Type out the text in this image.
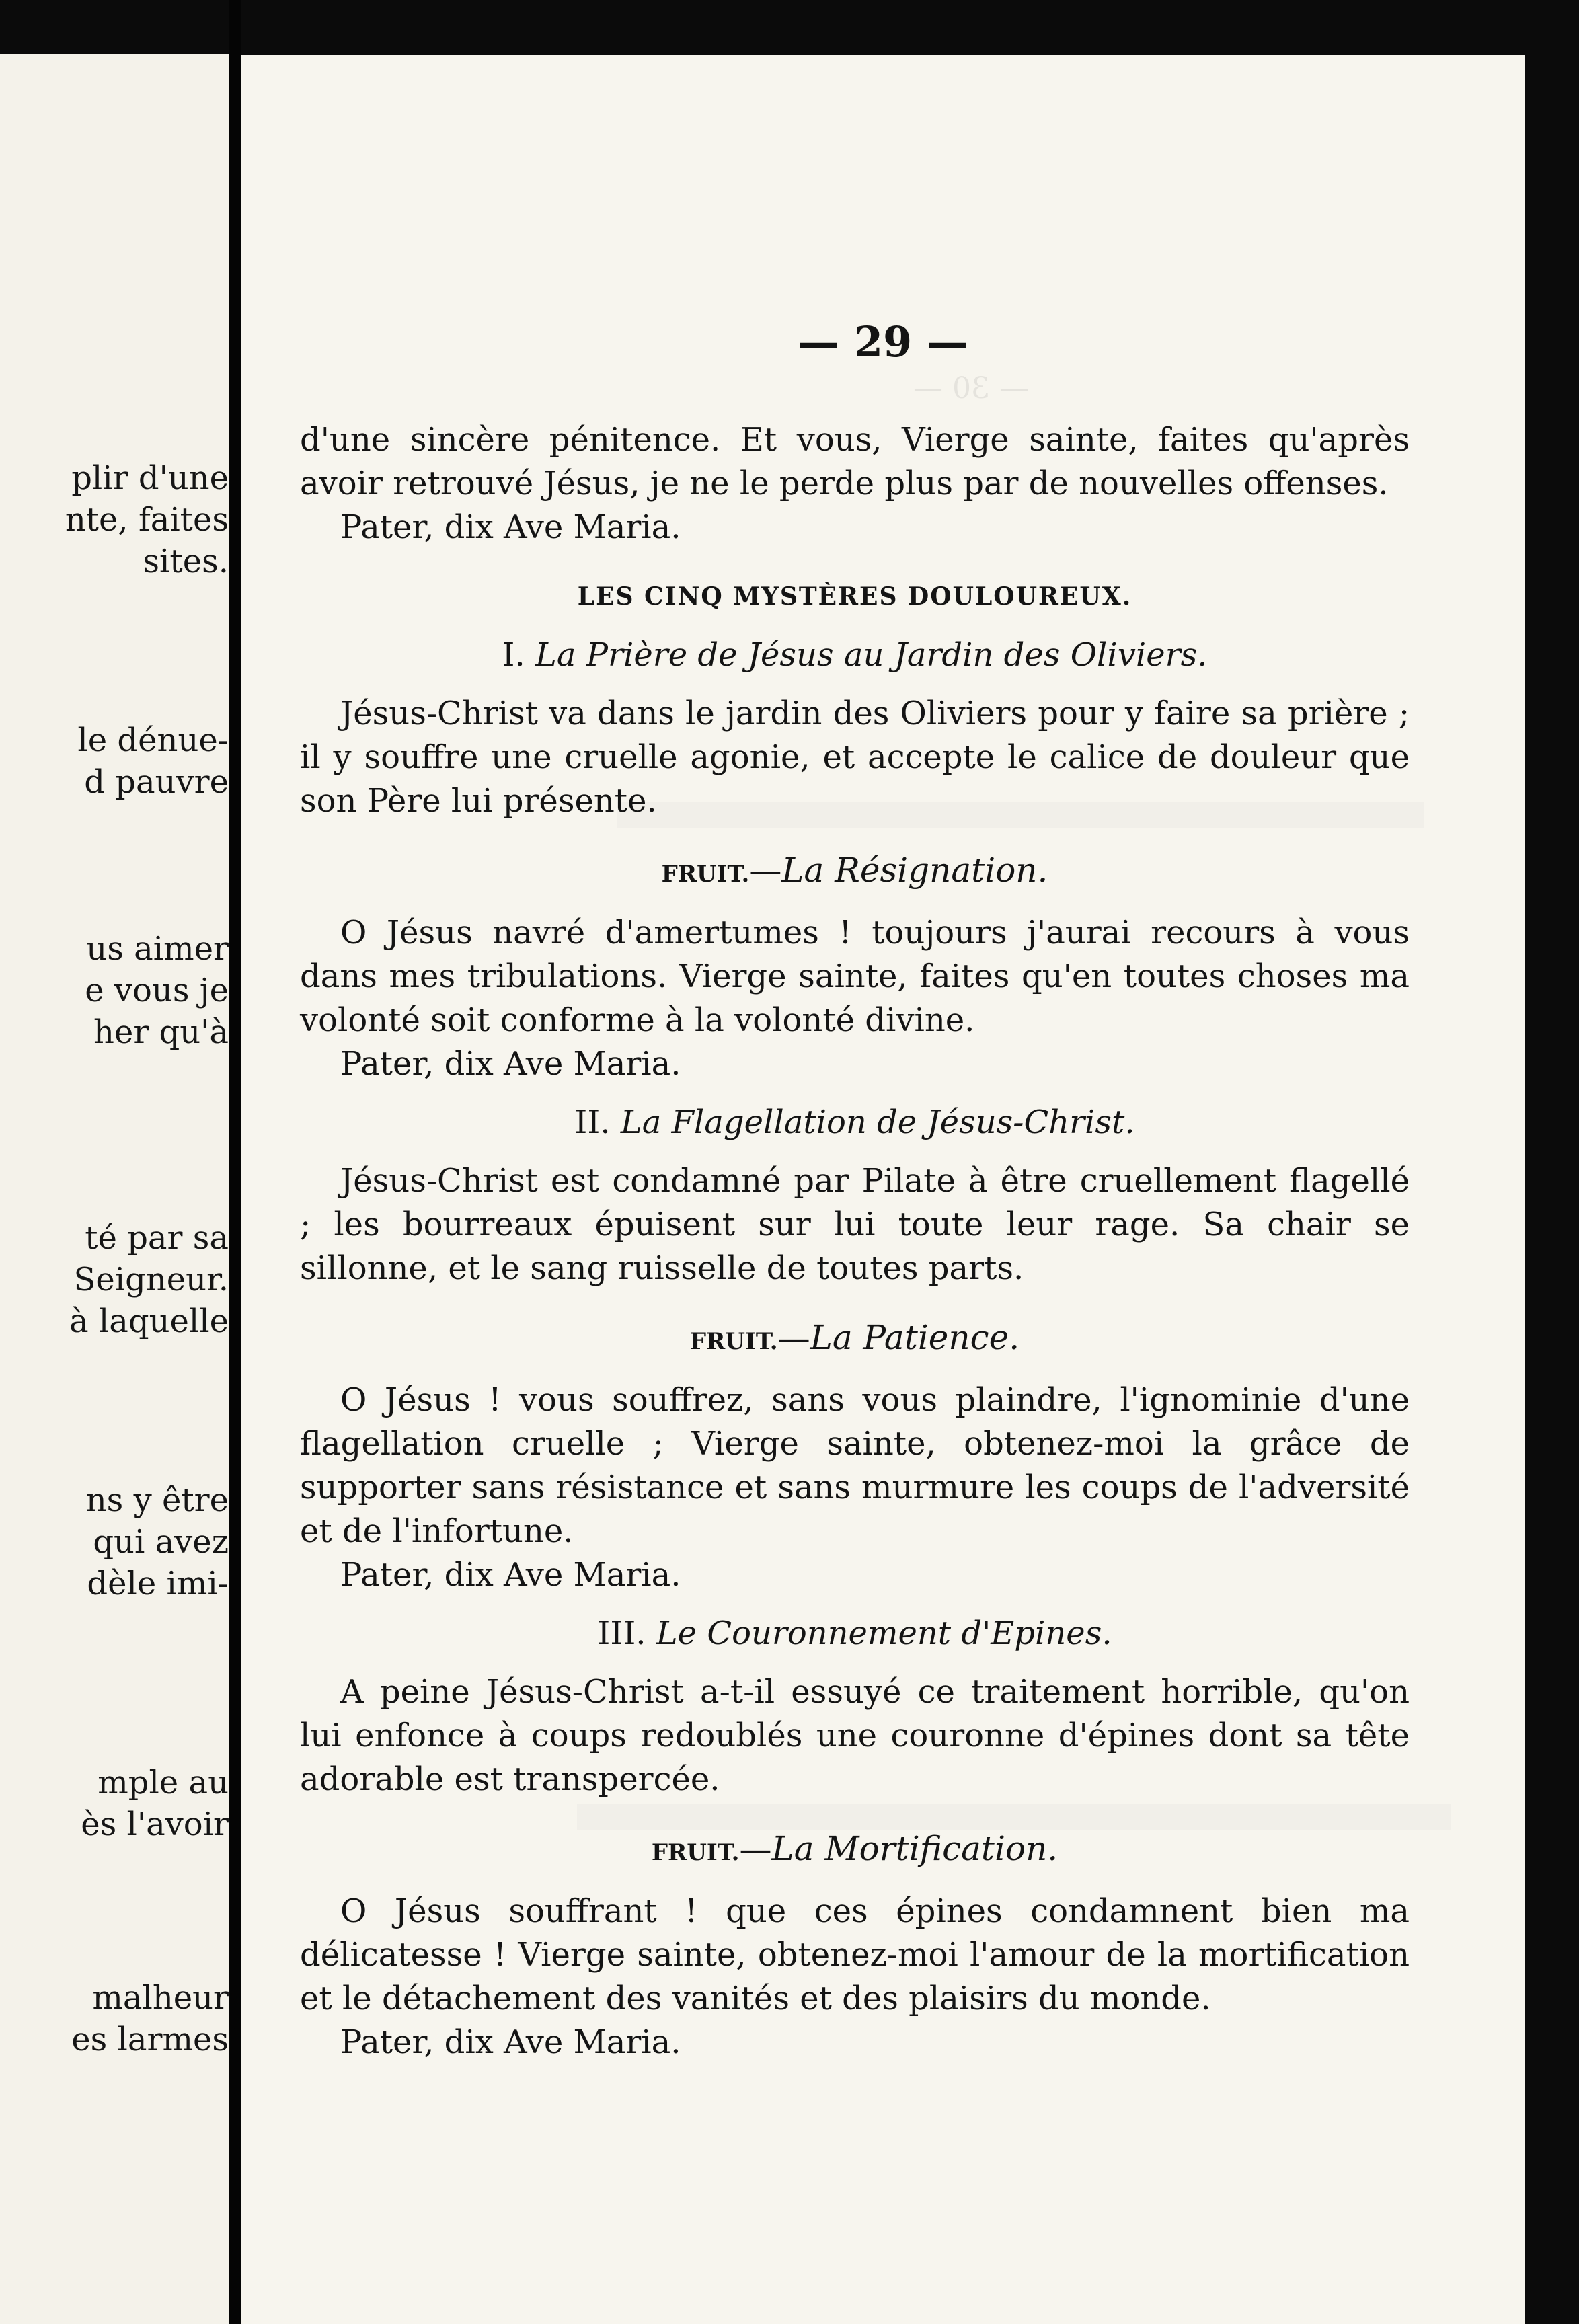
plir d'une
nte, faites
sites.
le dénue-
d pauvre
us aimer
e vous je
her qu'à
té par sa
Seigneur.
à laquelle
ns y être
qui avez
dèle imi-
mple au
ès l'avoir
malheur
es larmes
— 30 —
— 29 —

d'une sincère pénitence. Et vous, Vierge sainte, faites qu'après avoir retrouvé Jésus, je ne le perde plus par de nouvelles offenses.

Pater, dix Ave Maria.

LES CINQ MYSTÈRES DOULOUREUX.

I. La Prière de Jésus au Jardin des Oliviers.

Jésus-Christ va dans le jardin des Oliviers pour y faire sa prière ; il y souffre une cruelle agonie, et accepte le calice de douleur que son Père lui présente.

FRUIT.—La Résignation.

O Jésus navré d'amertumes ! toujours j'aurai recours à vous dans mes tribulations. Vierge sainte, faites qu'en toutes choses ma volonté soit conforme à la volonté divine.

Pater, dix Ave Maria.

II. La Flagellation de Jésus-Christ.

Jésus-Christ est condamné par Pilate à être cruellement flagellé ; les bourreaux épuisent sur lui toute leur rage. Sa chair se sillonne, et le sang ruisselle de toutes parts.

FRUIT.—La Patience.

O Jésus ! vous souffrez, sans vous plaindre, l'ignominie d'une flagellation cruelle ; Vierge sainte, obtenez-moi la grâce de supporter sans résistance et sans murmure les coups de l'adversité et de l'infortune.

Pater, dix Ave Maria.

III. Le Couronnement d'Epines.

A peine Jésus-Christ a-t-il essuyé ce traitement horrible, qu'on lui enfonce à coups redoublés une couronne d'épines dont sa tête adorable est transpercée.

FRUIT.—La Mortification.

O Jésus souffrant ! que ces épines condamnent bien ma délicatesse ! Vierge sainte, obtenez-moi l'amour de la mortification et le détachement des vanités et des plaisirs du monde.

Pater, dix Ave Maria.
